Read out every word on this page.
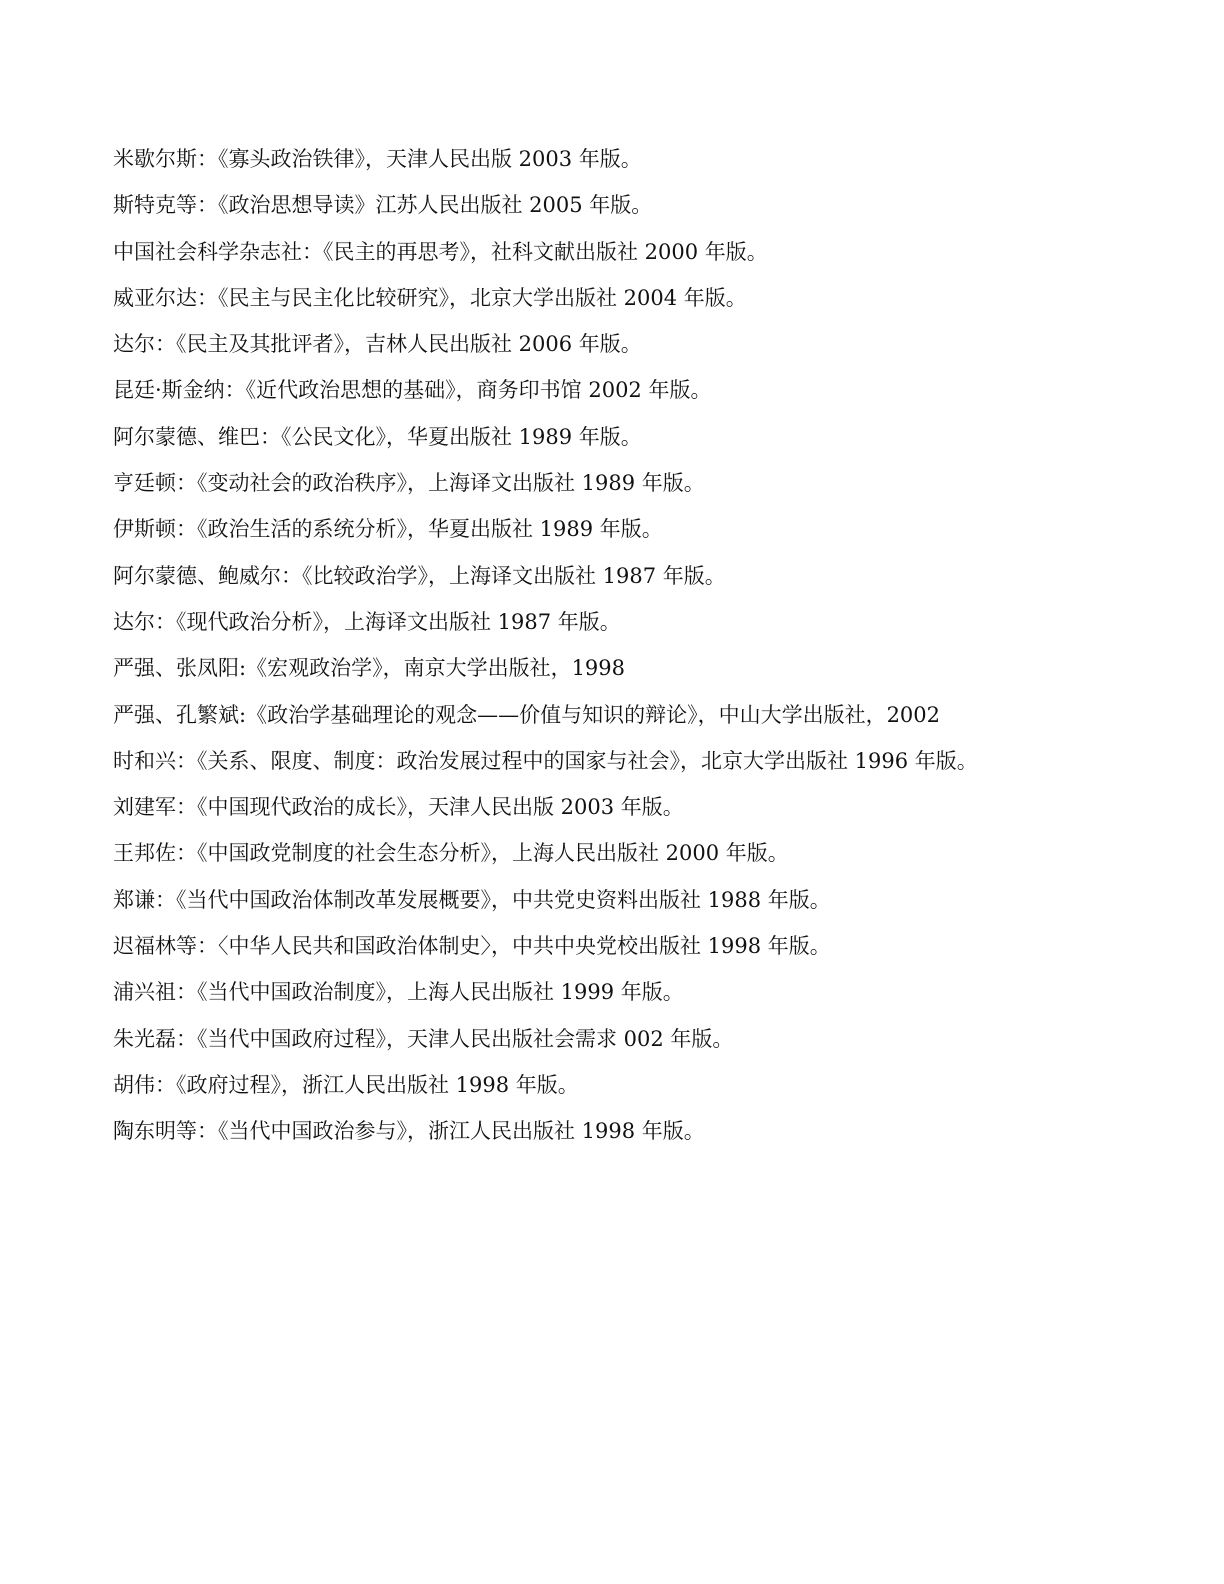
米歇尔斯：《寡头政治铁律》，天津人民出版 2003 年版。
斯特克等：《政治思想导读》江苏人民出版社 2005 年版。
中国社会科学杂志社：《民主的再思考》，社科文献出版社 2000 年版。
威亚尔达：《民主与民主化比较研究》，北京大学出版社 2004 年版。
达尔：《民主及其批评者》，吉林人民出版社 2006 年版。
昆廷·斯金纳：《近代政治思想的基础》，商务印书馆 2002 年版。
阿尔蒙德、维巴：《公民文化》，华夏出版社 1989 年版。
亨廷顿：《变动社会的政治秩序》，上海译文出版社 1989 年版。
伊斯顿：《政治生活的系统分析》，华夏出版社 1989 年版。
阿尔蒙德、鲍威尔：《比较政治学》，上海译文出版社 1987 年版。
达尔：《现代政治分析》，上海译文出版社 1987 年版。
严强、张凤阳:《宏观政治学》，南京大学出版社，1998
严强、孔繁斌:《政治学基础理论的观念——价值与知识的辩论》，中山大学出版社，2002
时和兴：《关系、限度、制度：政治发展过程中的国家与社会》，北京大学出版社 1996 年版。
刘建军：《中国现代政治的成长》，天津人民出版 2003 年版。
王邦佐：《中国政党制度的社会生态分析》，上海人民出版社 2000 年版。
郑谦：《当代中国政治体制改革发展概要》，中共党史资料出版社 1988 年版。
迟福林等：〈中华人民共和国政治体制史〉，中共中央党校出版社 1998 年版。
浦兴祖：《当代中国政治制度》，上海人民出版社 1999 年版。
朱光磊：《当代中国政府过程》，天津人民出版社会需求 002 年版。
胡伟：《政府过程》，浙江人民出版社 1998 年版。
陶东明等：《当代中国政治参与》，浙江人民出版社 1998 年版。
